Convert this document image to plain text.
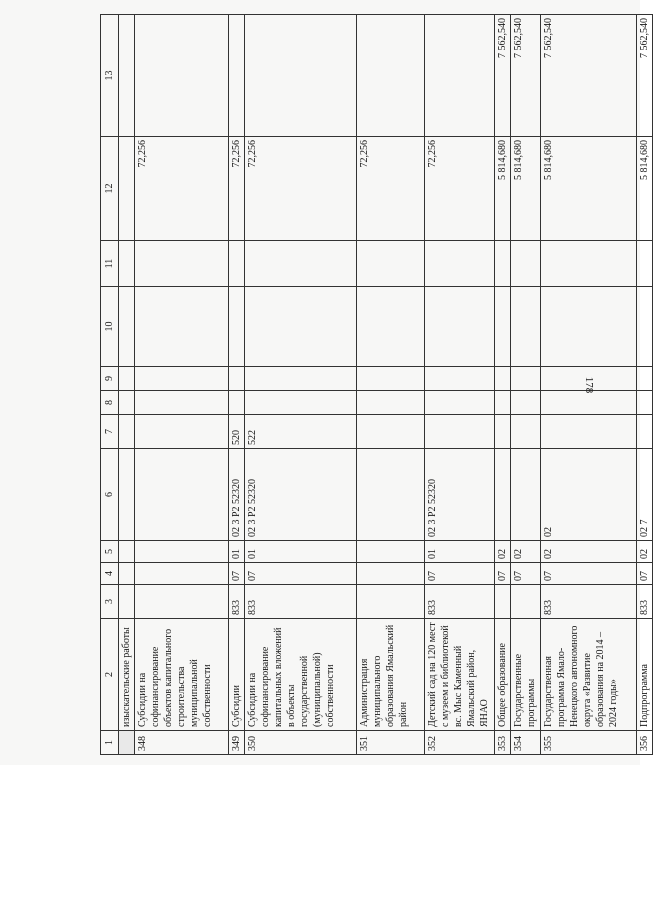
1	2	3	4	5	6	7	8	9	10	11	12	13
	изыскательские работы											
348	Субсидии на софинансирование объектов капитального строительства муниципальной собственности										72,256	
349	Субсидии	833	07	01	02 3 P2 52320	520					72,256	
350	Субсидии на софинансирование капитальных вложений в объекты государственной (муниципальной) собственности	833	07	01	02 3 P2 52320	522					72,256	
351	Администрация муниципального образования Ямальский район										72,256	
352	Детский сад на 120 мест с музеем и библиотекой вс. Мыс Каменный Ямальский район, ЯНАО	833	07	01	02 3 P2 52320						72,256	
353	Общее образование		07	02							5 814,680	7 562,540
354	Государственные программы		07	02							5 814,680	7 562,540
355	Государственная программа Ямало-Ненецкого автономного округа «Развитие образования на 2014 – 2024 годы»	833	07	02	02						5 814,680	7 562,540
356	Подпрограмма	833	07	02	02 7						5 814,680	7 562,540
178
